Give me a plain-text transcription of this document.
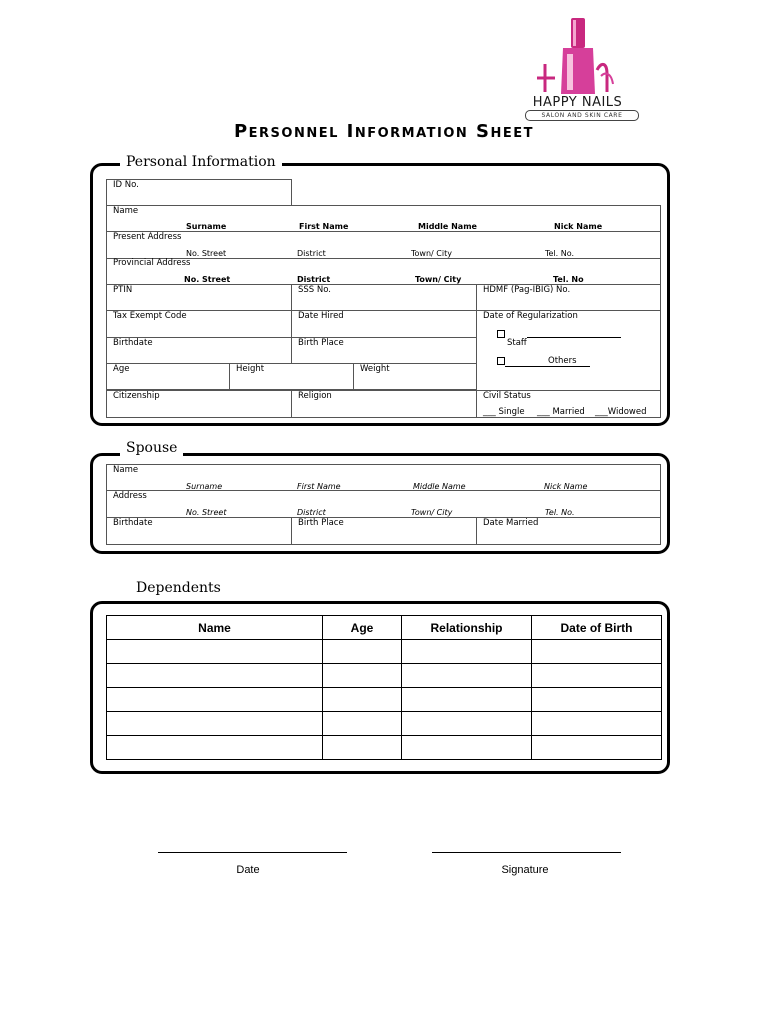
HAPPY NAILS
SALON AND SKIN CARE
Personnel Information Sheet
Personal Information
ID No.
Name
Surname	First Name	Middle Name	Nick Name
Present Address
No. Street	District	Town/ City	Tel. No.
Provincial Address
No. Street	District	Town/ City	Tel. No
PTIN	SSS No.	HDMF (Pag-IBIG) No.
Tax Exempt Code	Date Hired	Date of Regularization
Staff
Others
Birthdate	Birth Place
Age	Height	Weight
Citizenship	Religion	Civil Status
___ Single ___ Married ___Widowed
Spouse
Name
Surname	First Name	Middle Name	Nick Name
Address
No. Street	District	Town/ City	Tel. No.
Birthdate	Birth Place	Date Married
Dependents
Name	Age	Relationship	Date of Birth

Date	Signature
